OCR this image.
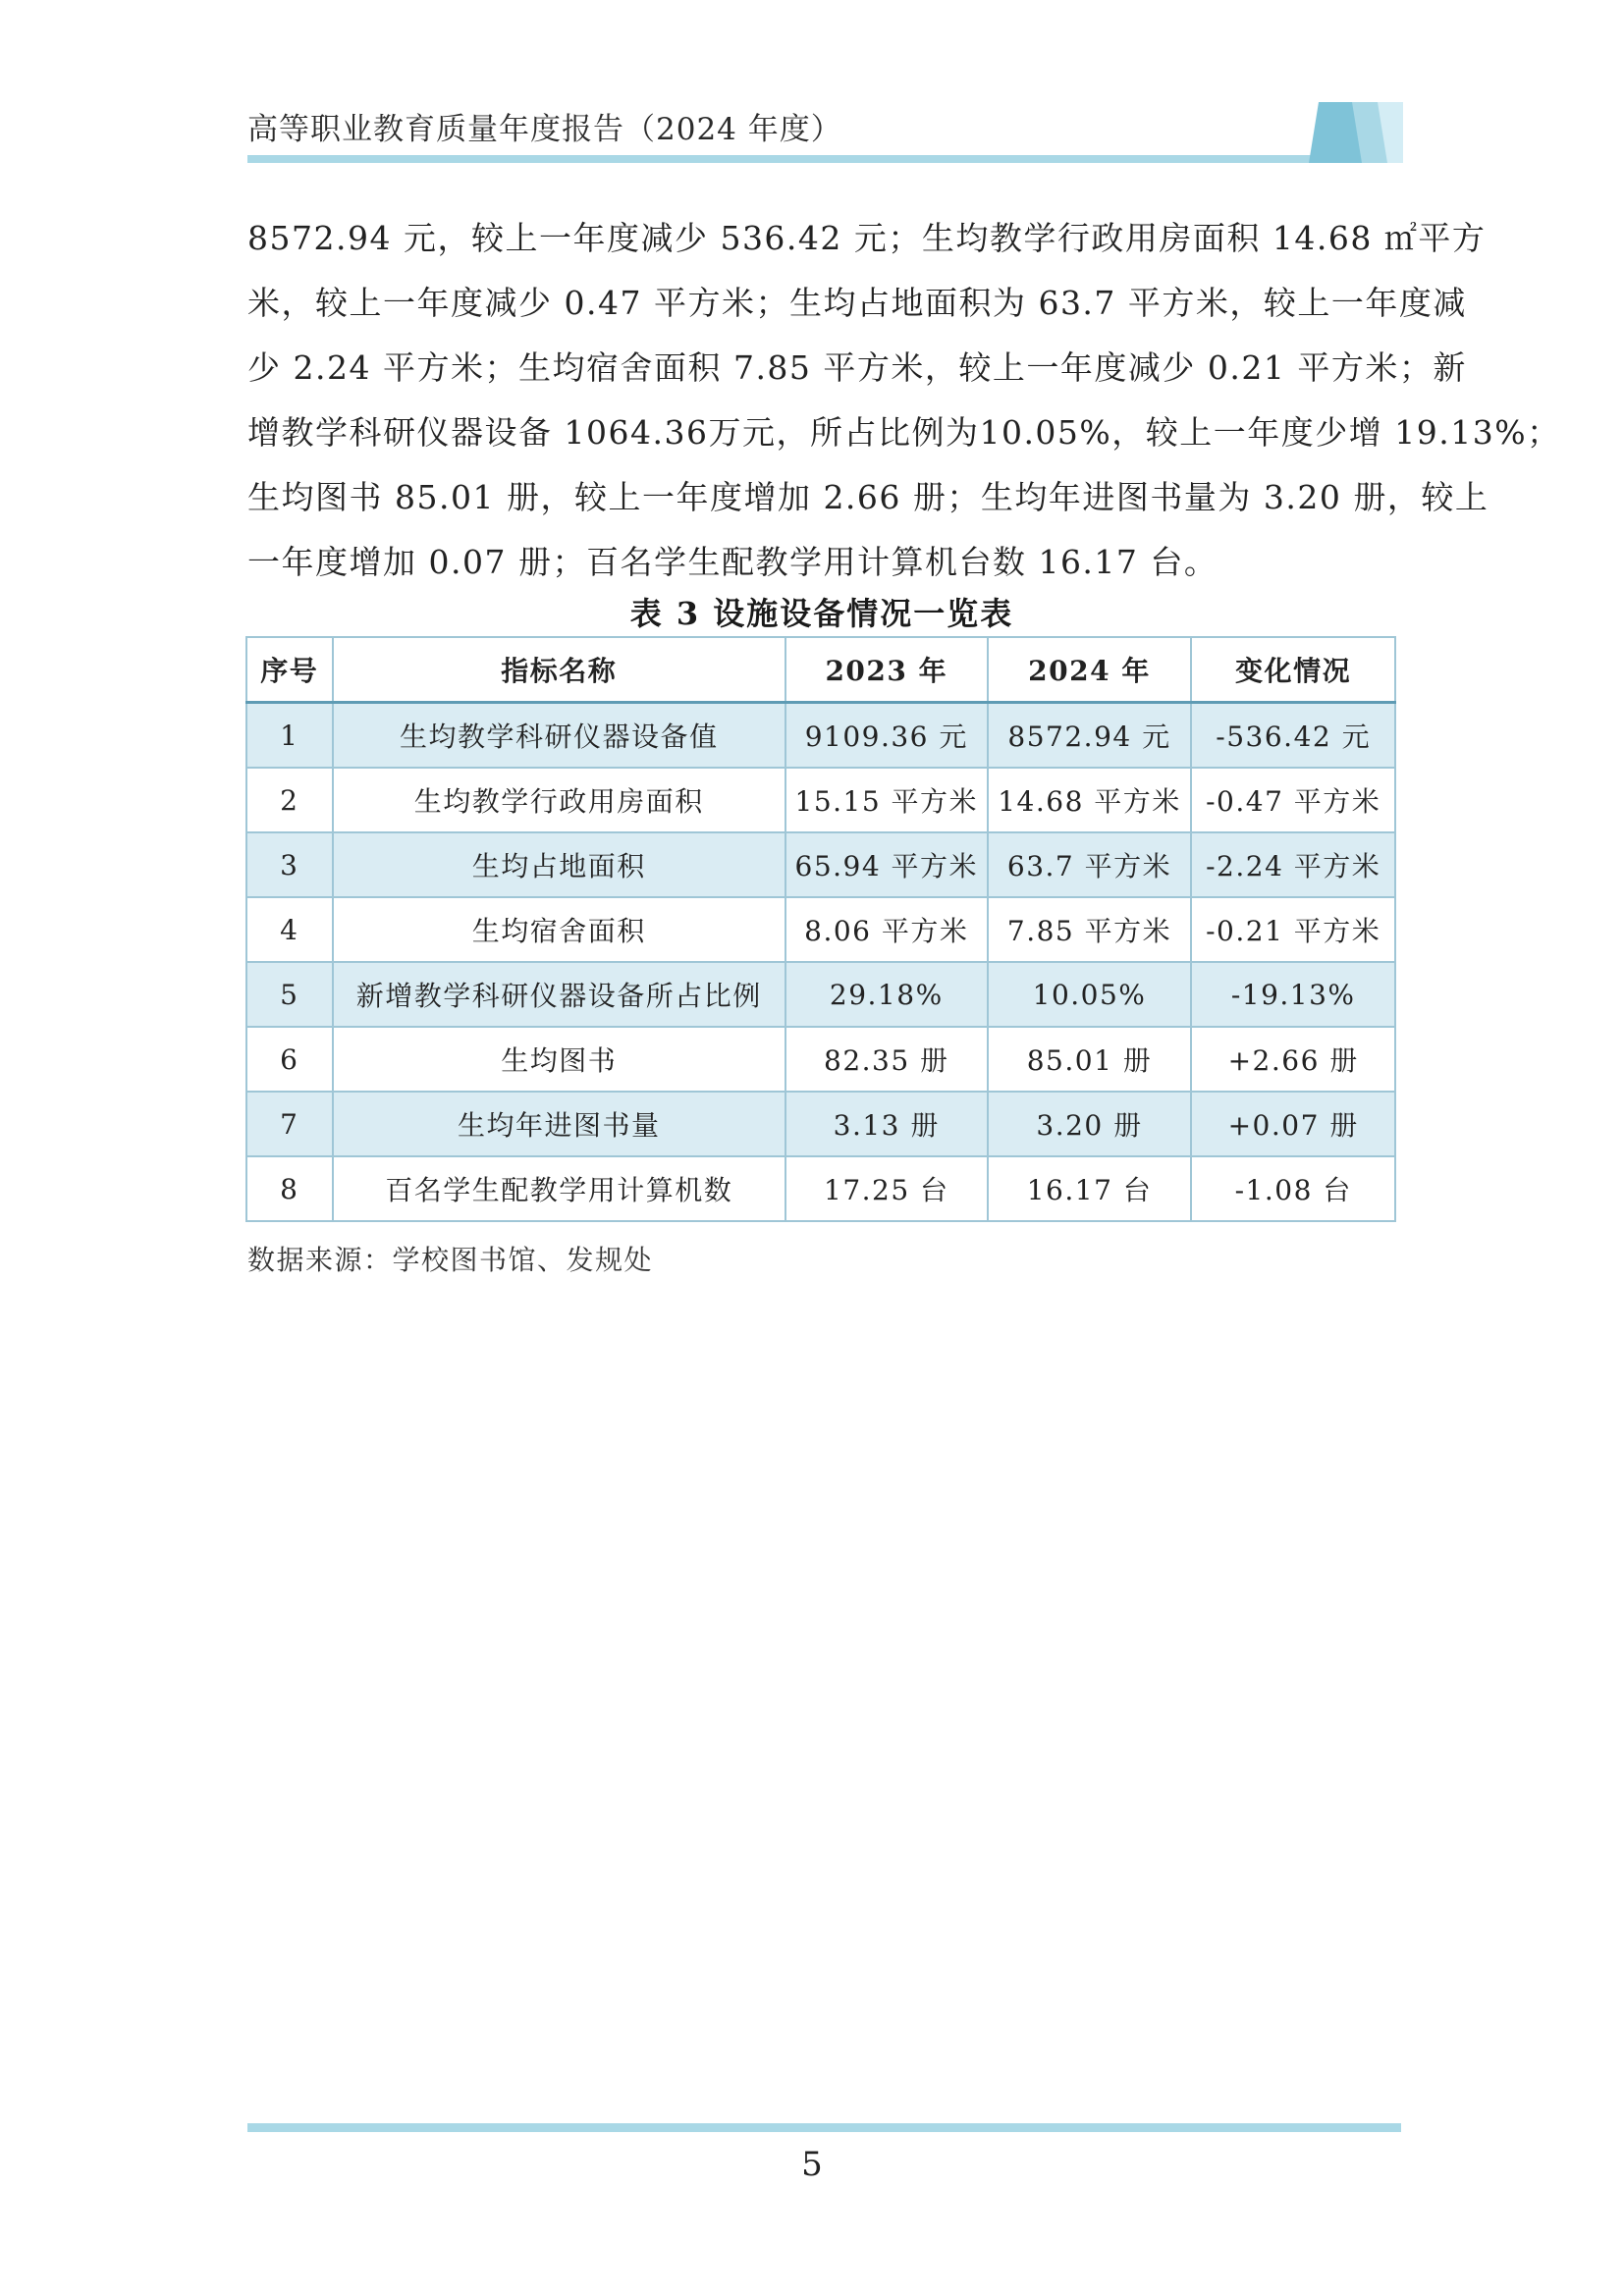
高等职业教育质量年度报告（2024 年度）

8572.94 元，较上一年度减少 536.42 元；生均教学行政用房面积 14.68 ㎡平方

米，较上一年度减少 0.47 平方米；生均占地面积为 63.7 平方米，较上一年度减

少 2.24 平方米；生均宿舍面积 7.85 平方米，较上一年度减少 0.21 平方米；新

增教学科研仪器设备 1064.36万元，所占比例为10.05%，较上一年度少增 19.13%；

生均图书 85.01 册，较上一年度增加 2.66 册；生均年进图书量为 3.20 册，较上

一年度增加 0.07 册；百名学生配教学用计算机台数 16.17 台。

表 3 设施设备情况一览表
序号	指标名称	2023 年	2024 年	变化情况
1	生均教学科研仪器设备值	9109.36 元	8572.94 元	-536.42 元
2	生均教学行政用房面积	15.15 平方米	14.68 平方米	-0.47 平方米
3	生均占地面积	65.94 平方米	63.7 平方米	-2.24 平方米
4	生均宿舍面积	8.06 平方米	7.85 平方米	-0.21 平方米
5	新增教学科研仪器设备所占比例	29.18%	10.05%	-19.13%
6	生均图书	82.35 册	85.01 册	+2.66 册
7	生均年进图书量	3.13 册	3.20 册	+0.07 册
8	百名学生配教学用计算机数	17.25 台	16.17 台	-1.08 台
数据来源：学校图书馆、发规处
5
